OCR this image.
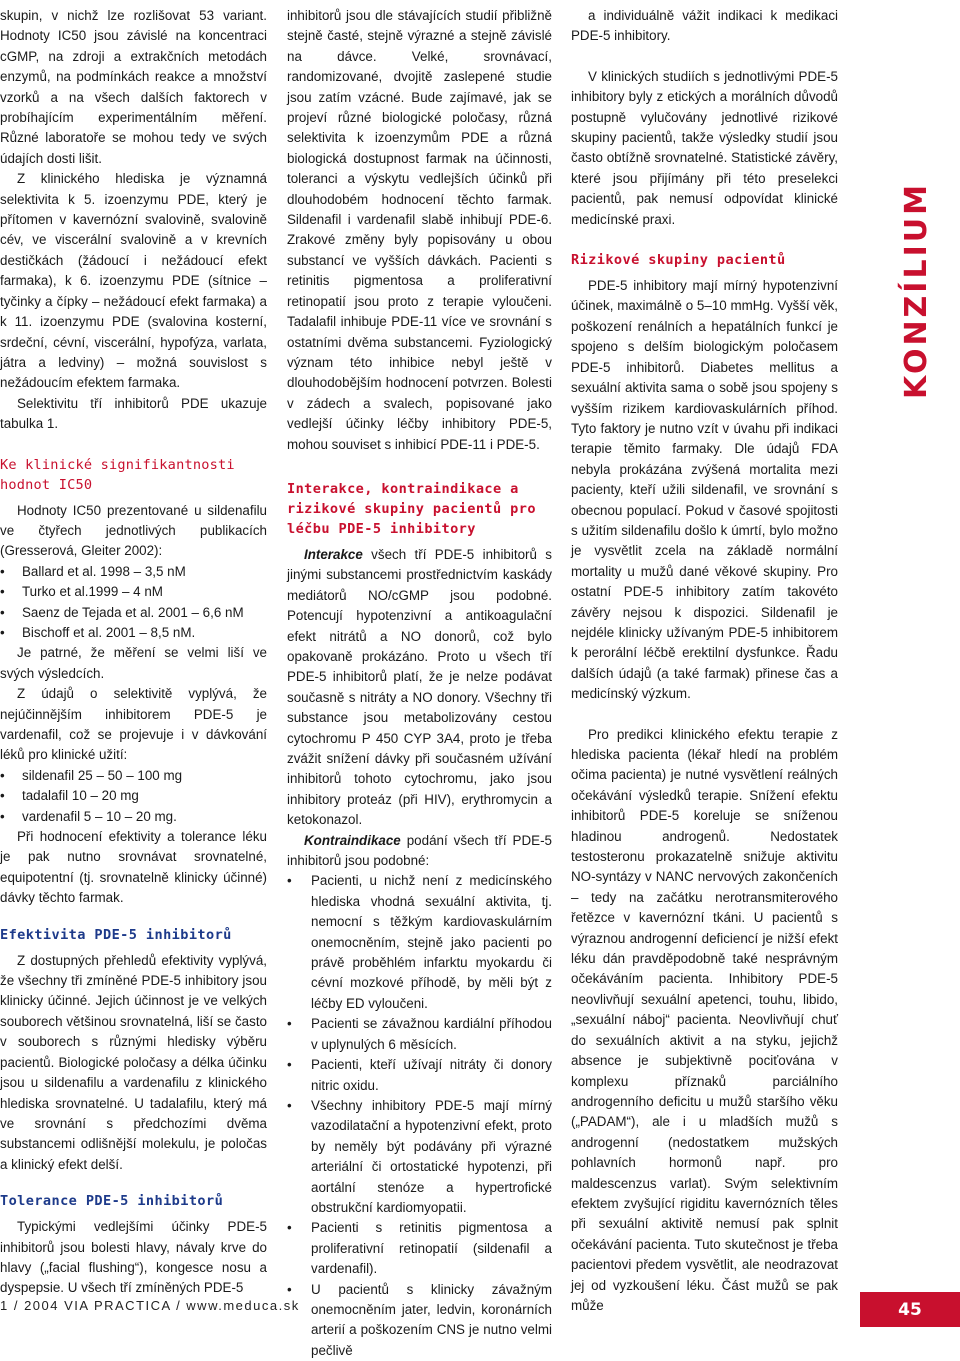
skupin, v nichž lze rozlišovat 53 variant. Hodnoty IC50 jsou závislé na koncentraci cGMP, na zdroji a extrakčních metodách enzymů, na podmínkách reakce a množství vzorků a na všech dalších faktorech v probíhajícím experimentálním měření. Různé laboratoře se mohou tedy ve svých údajích dosti lišit.

Z klinického hlediska je významná selektivita k 5. izoenzymu PDE, který je přítomen v kavernózní svalovině, svalovině cév, ve viscerální svalovině a v krevních destičkách (žádoucí i nežádoucí efekt farmaka), k 6. izoenzymu PDE (sítnice – tyčinky a čípky – nežádoucí efekt farmaka) a k 11. izoenzymu PDE (svalovina kosterní, srdeční, cévní, viscerální, hypofýza, varlata, játra a ledviny) – možná souvislost s nežádoucím efektem farmaka.

Selektivitu tří inhibitorů PDE ukazuje tabulka 1.

Ke klinické signifikantnosti hodnot IC50

Hodnoty IC50 prezentované u sildenafilu ve čtyřech jednotlivých publikacích (Gresserová, Gleiter 2002):

• Ballard et al. 1998 – 3,5 nM
• Turko et al.1999 – 4 nM
• Saenz de Tejada et al. 2001 – 6,6 nM
• Bischoff et al. 2001 – 8,5 nM.

Je patrné, že měření se velmi liší ve svých výsledcích.

Z údajů o selektivitě vyplývá, že nejúčinnějším inhibitorem PDE-5 je vardenafil, což se projevuje i v dávkování léků pro klinické užití:

• sildenafil 25 – 50 – 100 mg
• tadalafil 10 – 20 mg
• vardenafil 5 – 10 – 20 mg.

Při hodnocení efektivity a tolerance léku je pak nutno srovnávat srovnatelné, equipotentní (tj. srovnatelně klinicky účinné) dávky těchto farmak.

Efektivita PDE-5 inhibitorů

Z dostupných přehledů efektivity vyplývá, že všechny tři zmíněné PDE-5 inhibitory jsou klinicky účinné. Jejich účinnost je ve velkých souborech většinou srovnatelná, liší se často v souborech s různými hledisky výběru pacientů. Biologické poločasy a délka účinku jsou u sildenafilu a vardenafilu z klinického hlediska srovnatelné. U tadalafilu, který má ve srovnání s předchozími dvěma substancemi odlišnější molekulu, je poločas a klinický efekt delší.

Tolerance PDE-5 inhibitorů

Typickými vedlejšími účinky PDE-5 inhibitorů jsou bolesti hlavy, návaly krve do hlavy („facial flushing“), kongesce nosu a dyspepsie. U všech tří zmíněných PDE-5

inhibitorů jsou dle stávajících studií přibližně stejně časté, stejně výrazné a stejně závislé na dávce. Velké, srovnávací, randomizované, dvojitě zaslepené studie jsou zatím vzácné. Bude zajímavé, jak se projeví různé biologické poločasy, různá selektivita k izoenzymům PDE a různá biologická dostupnost farmak na účinnosti, toleranci a výskytu vedlejších účinků při dlouhodobém hodnocení těchto farmak. Sildenafil i vardenafil slabě inhibují PDE-6. Zrakové změny byly popisovány u obou substancí ve vyšších dávkách. Pacienti s retinitis pigmentosa a proliferativní retinopatií jsou proto z terapie vyloučeni. Tadalafil inhibuje PDE-11 více ve srovnání s ostatními dvěma substancemi. Fyziologický význam této inhibice nebyl ještě v dlouhodobějším hodnocení potvrzen. Bolesti v zádech a svalech, popisované jako vedlejší účinky léčby inhibitory PDE-5, mohou souviset s inhibicí PDE-11 i PDE-5.

Interakce, kontraindikace a rizikové skupiny pacientů pro léčbu PDE-5 inhibitory

Interakce všech tří PDE-5 inhibitorů s jinými substancemi prostřednictvím kaskády mediátorů NO/cGMP jsou podobné. Potencují hypotenzivní a antikoagulační efekt nitrátů a NO donorů, což bylo opakovaně prokázáno. Proto u všech tří PDE-5 inhibitorů platí, že je nelze podávat současně s nitráty a NO donory. Všechny tři substance jsou metabolizovány cestou cytochromu P 450 CYP 3A4, proto je třeba zvážit snížení dávky při současném užívání inhibitorů tohoto cytochromu, jako jsou inhibitory proteáz (při HIV), erythromycin a ketokonazol.

Kontraindikace podání všech tří PDE-5 inhibitorů jsou podobné:

• Pacienti, u nichž není z medicínského hlediska vhodná sexuální aktivita, tj. nemocní s těžkým kardiovaskulárním onemocněním, stejně jako pacienti po právě proběhlém infarktu myokardu či cévní mozkové příhodě, by měli být z léčby ED vyloučeni.
• Pacienti se závažnou kardiální příhodou v uplynulých 6 měsících.
• Pacienti, kteří užívají nitráty či donory nitric oxidu.
• Všechny inhibitory PDE-5 mají mírný vazodilatační a hypotenzivní efekt, proto by neměly být podávány při výrazné arteriální či ortostatické hypotenzi, při aortální stenóze a hypertrofické obstrukční kardiomyopatii.
• Pacienti s retinitis pigmentosa a proliferativní retinopatií (sildenafil a vardenafil).
• U pacientů s klinicky závažným onemocněním jater, ledvin, koronárních arterií a poškozením CNS je nutno velmi pečlivě

a individuálně vážit indikaci k medikaci PDE-5 inhibitory.

V klinických studiích s jednotlivými PDE-5 inhibitory byly z etických a morálních důvodů postupně vylučovány jednotlivé rizikové skupiny pacientů, takže výsledky studií jsou často obtížně srovnatelné. Statistické závěry, které jsou přijímány při této preselekci pacientů, pak nemusí odpovídat klinické medicínské praxi.

Rizikové skupiny pacientů

PDE-5 inhibitory mají mírný hypotenzivní účinek, maximálně o 5–10 mmHg. Vyšší věk, poškození renálních a hepatálních funkcí je spojeno s delším biologickým poločasem PDE-5 inhibitorů. Diabetes mellitus a sexuální aktivita sama o sobě jsou spojeny s vyšším rizikem kardiovaskulárních příhod. Tyto faktory je nutno vzít v úvahu při indikaci terapie těmito farmaky. Dle údajů FDA nebyla prokázána zvýšená mortalita mezi pacienty, kteří užili sildenafil, ve srovnání s obecnou populací. Pokud v časové spojitosti s užitím sildenafilu došlo k úmrtí, bylo možno je vysvětlit zcela na základě normální mortality u mužů dané věkové skupiny. Pro ostatní PDE-5 inhibitory zatím takovéto závěry nejsou k dispozici. Sildenafil je nejdéle klinicky užívaným PDE-5 inhibitorem k perorální léčbě erektilní dysfunkce. Řadu dalších údajů (a také farmak) přinese čas a medicínský výzkum.

Pro predikci klinického efektu terapie z hlediska pacienta (lékař hledí na problém očima pacienta) je nutné vysvětlení reálných očekávání výsledků terapie. Snížení efektu inhibitorů PDE-5 koreluje se sníženou hladinou androgenů. Nedostatek testosteronu prokazatelně snižuje aktivitu NO-syntázy v NANC nervových zakončeních – tedy na začátku nerotransmiterového řetězce v kavernózní tkáni. U pacientů s výraznou androgenní deficiencí je nižší efekt léku dán pravděpodobně také nesprávným očekáváním pacienta. Inhibitory PDE-5 neovlivňují sexuální apetenci, touhu, libido, „sexuální náboj“ pacienta. Neovlivňují chuť do sexuálních aktivit a na styku, jejichž absence je subjektivně pociťována v komplexu příznaků parciálního androgenního deficitu u mužů staršího věku („PADAM“), ale i u mladších mužů s androgenní (nedostatkem mužských pohlavních hormonů např. pro maldescenzus varlat). Svým selektivním efektem zvyšující rigiditu kavernózních těles při sexuální aktivitě nemusí pak splnit očekávání pacienta. Tuto skutečnost je třeba pacientovi předem vysvětlit, ale neodrazovat jej od vyzkoušení léku. Část mužů se pak může

KONZÍLIUM
1 / 2004 VIA PRACTICA / www.meduca.sk	45
